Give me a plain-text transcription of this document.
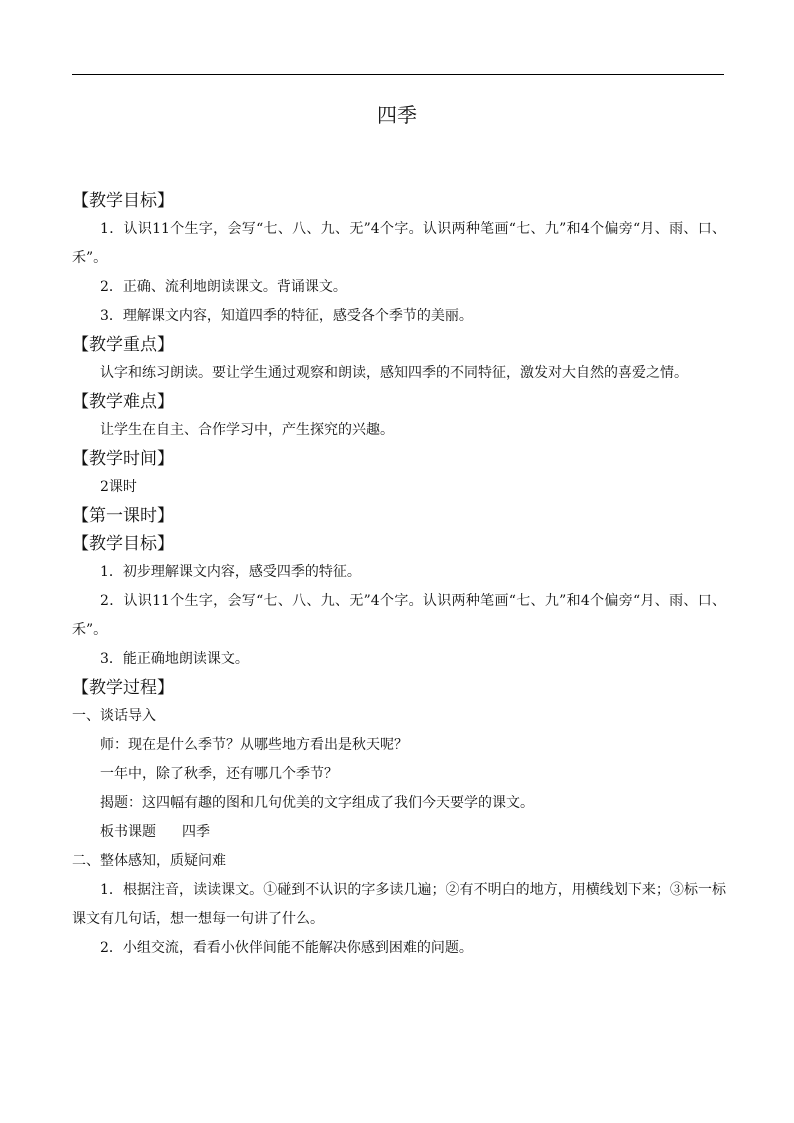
四季
【教学目标】

1．认识11个生字，会写“七、八、九、无”4个字。认识两种笔画“七、九”和4个偏旁“月、雨、口、禾”。

2．正确、流利地朗读课文。背诵课文。

3．理解课文内容，知道四季的特征，感受各个季节的美丽。

【教学重点】

认字和练习朗读。要让学生通过观察和朗读，感知四季的不同特征，激发对大自然的喜爱之情。

【教学难点】

让学生在自主、合作学习中，产生探究的兴趣。

【教学时间】

2课时

【第一课时】
【教学目标】

1．初步理解课文内容，感受四季的特征。

2．认识11个生字，会写“七、八、九、无”4个字。认识两种笔画“七、九”和4个偏旁“月、雨、口、禾”。

3．能正确地朗读课文。

【教学过程】

一、谈话导入

师：现在是什么季节？从哪些地方看出是秋天呢？

一年中，除了秋季，还有哪几个季节？

揭题：这四幅有趣的图和几句优美的文字组成了我们今天要学的课文。

板书课题 四季

二、整体感知，质疑问难

1．根据注音，读读课文。①碰到不认识的字多读几遍；②有不明白的地方，用横线划下来；③标一标课文有几句话，想一想每一句讲了什么。

2．小组交流，看看小伙伴间能不能解决你感到困难的问题。
